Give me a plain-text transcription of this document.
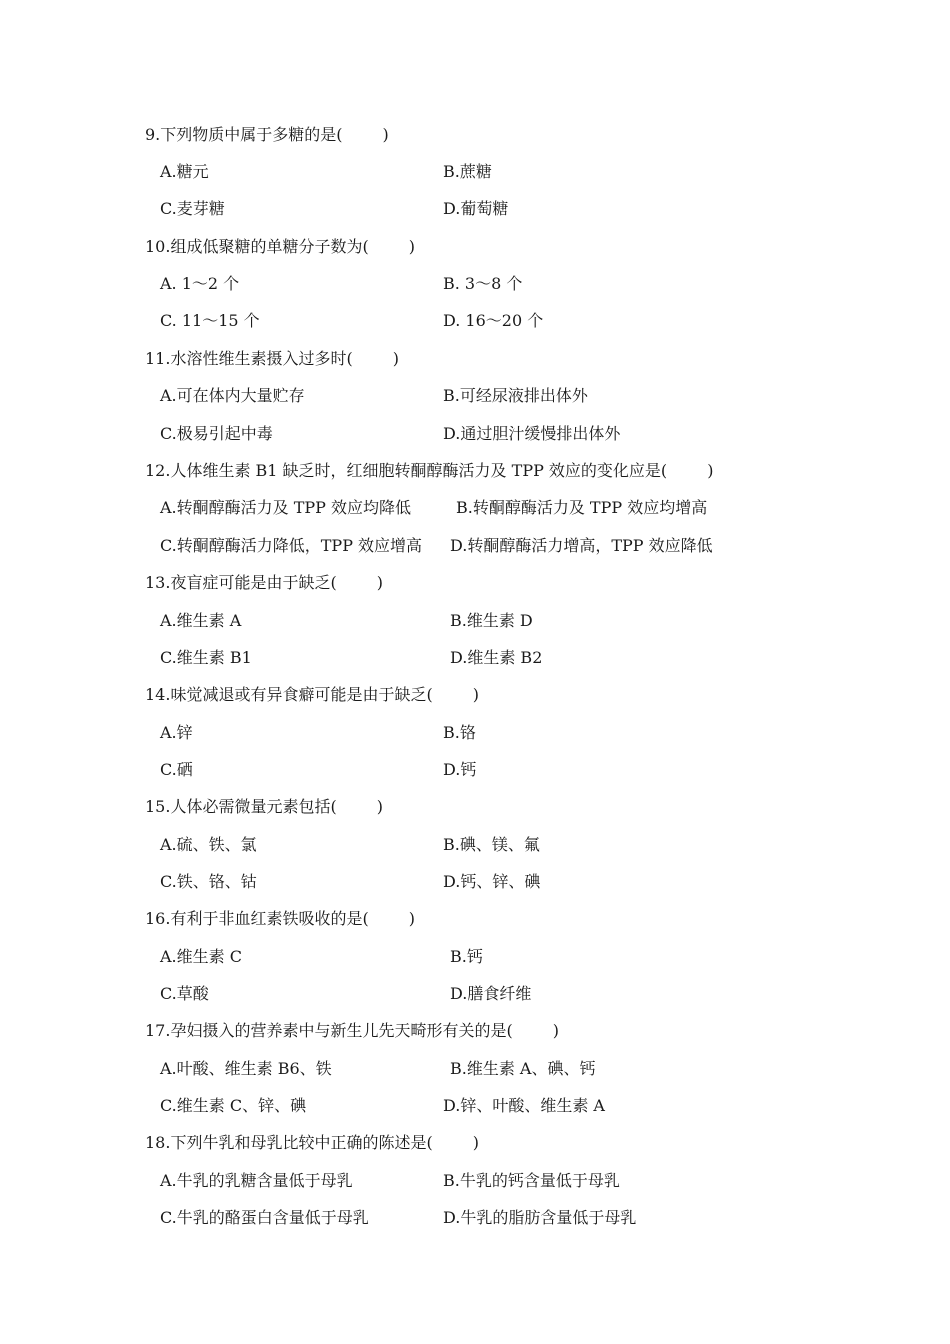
9.下列物质中属于多糖的是(	)
A.糖元	B.蔗糖
C.麦芽糖	D.葡萄糖
10.组成低聚糖的单糖分子数为(	)
A. 1～2 个	B. 3～8 个
C. 11～15 个	D. 16～20 个
11.水溶性维生素摄入过多时(	)
A.可在体内大量贮存	B.可经尿液排出体外
C.极易引起中毒	D.通过胆汁缓慢排出体外
12.人体维生素 B1 缺乏时，红细胞转酮醇酶活力及 TPP 效应的变化应是(	)
A.转酮醇酶活力及 TPP 效应均降低	B.转酮醇酶活力及 TPP 效应均增高
C.转酮醇酶活力降低，TPP 效应增高 D.转酮醇酶活力增高，TPP 效应降低
13.夜盲症可能是由于缺乏(	)
A.维生素 A	B.维生素 D
C.维生素 B1	D.维生素 B2
14.味觉减退或有异食癖可能是由于缺乏(	)
A.锌	B.铬
C.硒	D.钙
15.人体必需微量元素包括(	)
A.硫、铁、氯	B.碘、镁、氟
C.铁、铬、钴	D.钙、锌、碘
16.有利于非血红素铁吸收的是(	)
A.维生素 C	B.钙
C.草酸	D.膳食纤维
17.孕妇摄入的营养素中与新生儿先天畸形有关的是(	)
A.叶酸、维生素 B6、铁	B.维生素 A、碘、钙
C.维生素 C、锌、碘	D.锌、叶酸、维生素 A
18.下列牛乳和母乳比较中正确的陈述是(	)
A.牛乳的乳糖含量低于母乳	B.牛乳的钙含量低于母乳
C.牛乳的酪蛋白含量低于母乳	D.牛乳的脂肪含量低于母乳
